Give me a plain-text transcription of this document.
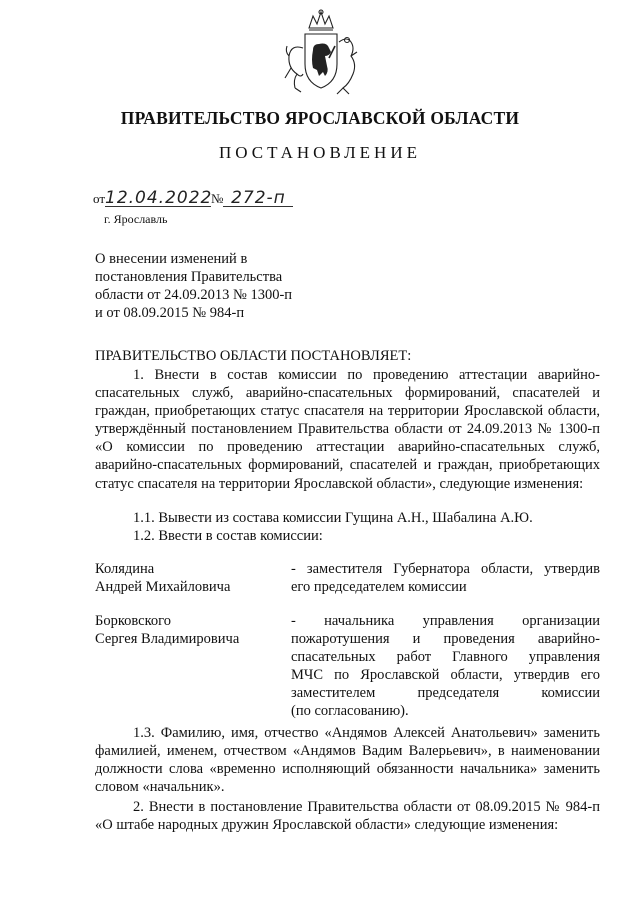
ПРАВИТЕЛЬСТВО ЯРОСЛАВСКОЙ ОБЛАСТИ
ПОСТАНОВЛЕНИЕ
от12.04.2022№ 272-п
г. Ярославль
О внесении изменений в
постановления Правительства
области от 24.09.2013 № 1300-п
и от 08.09.2015 № 984-п
ПРАВИТЕЛЬСТВО ОБЛАСТИ ПОСТАНОВЛЯЕТ:
1. Внести в состав комиссии по проведению аттестации аварийно-спасательных служб, аварийно-спасательных формирований, спасателей и граждан, приобретающих статус спасателя на территории Ярославской области, утверждённый постановлением Правительства области от 24.09.2013 № 1300-п «О комиссии по проведению аттестации аварийно-спасательных служб, аварийно-спасательных формирований, спасателей и граждан, приобретающих статус спасателя на территории Ярославской области», следующие изменения:
1.1. Вывести из состава комиссии Гущина А.Н., Шабалина А.Ю.
1.2. Ввести в состав комиссии:
Колядина
Андрей Михайловича
- заместителя Губернатора области, утвердив
его председателем комиссии
Борковского
Сергея Владимировича
- начальника управления организации
пожаротушения и проведения аварийно-
спасательных работ Главного управления
МЧС по Ярославской области, утвердив его
заместителем председателя комиссии
(по согласованию).
1.3. Фамилию, имя, отчество «Андямов Алексей Анатольевич» заменить фамилией, именем, отчеством «Андямов Вадим Валерьевич», в наименовании должности слова «временно исполняющий обязанности начальника» заменить словом «начальник».
2. Внести в постановление Правительства области от 08.09.2015 № 984-п «О штабе народных дружин Ярославской области» следующие изменения:
